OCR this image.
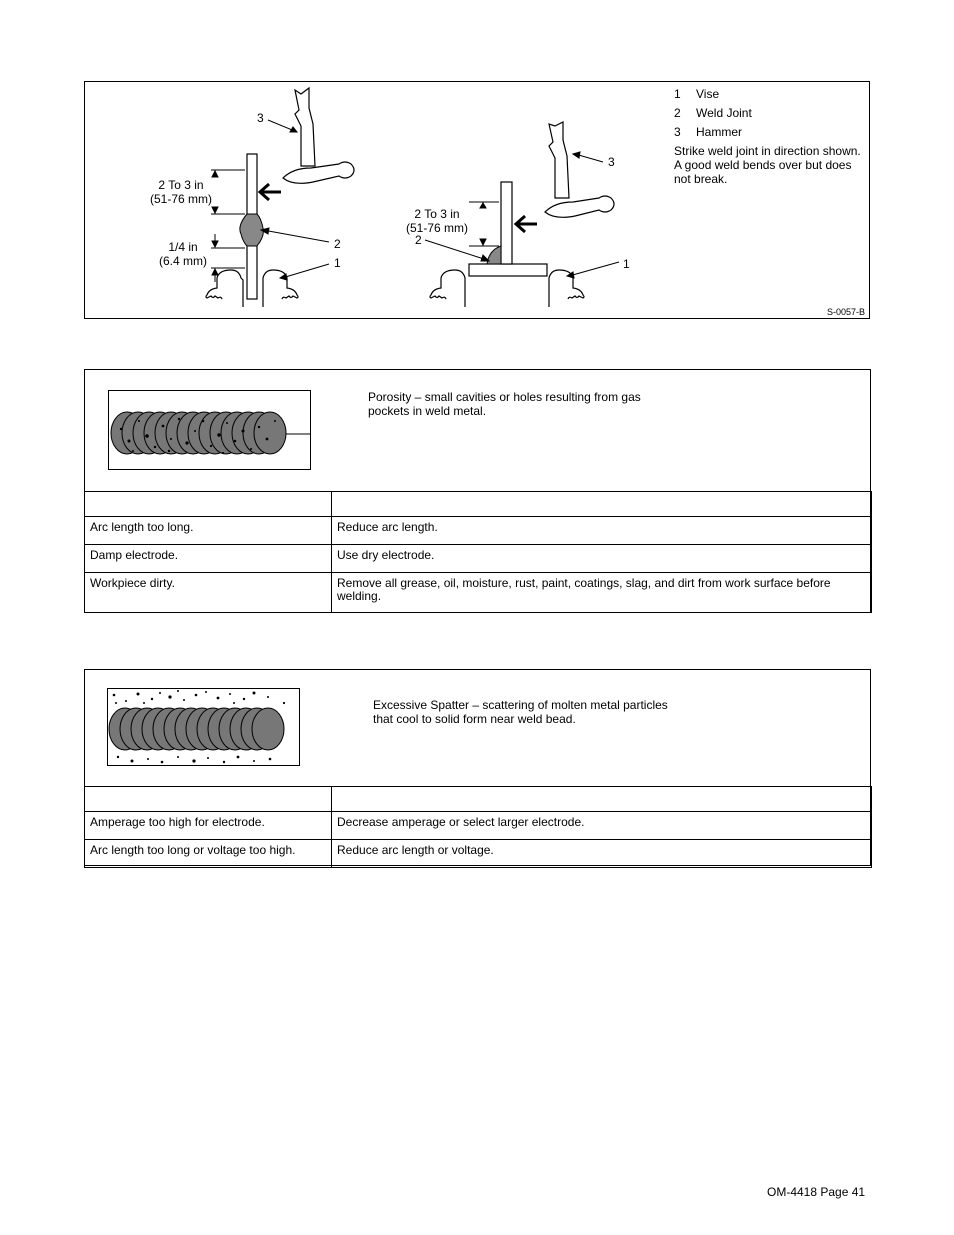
3
2 To 3 in
(51-76 mm)
1/4 in
(6.4 mm)
2
1
3
2 To 3 in
(51-76 mm)
2
1
1	Vise
2	Weld Joint
3	Hammer
Strike weld joint in direction shown. A good weld bends over but does not break.
S-0057-B
Porosity – small cavities or holes resulting from gas pockets in weld metal.

Arc length too long.	Reduce arc length.
Damp electrode.	Use dry electrode.
Workpiece dirty.	Remove all grease, oil, moisture, rust, paint, coatings, slag, and dirt from work surface before welding.
Excessive Spatter – scattering of molten metal particles that cool to solid form near weld bead.

Amperage too high for electrode.	Decrease amperage or select larger electrode.
Arc length too long or voltage too high.	Reduce arc length or voltage.
OM-4418 Page 41
